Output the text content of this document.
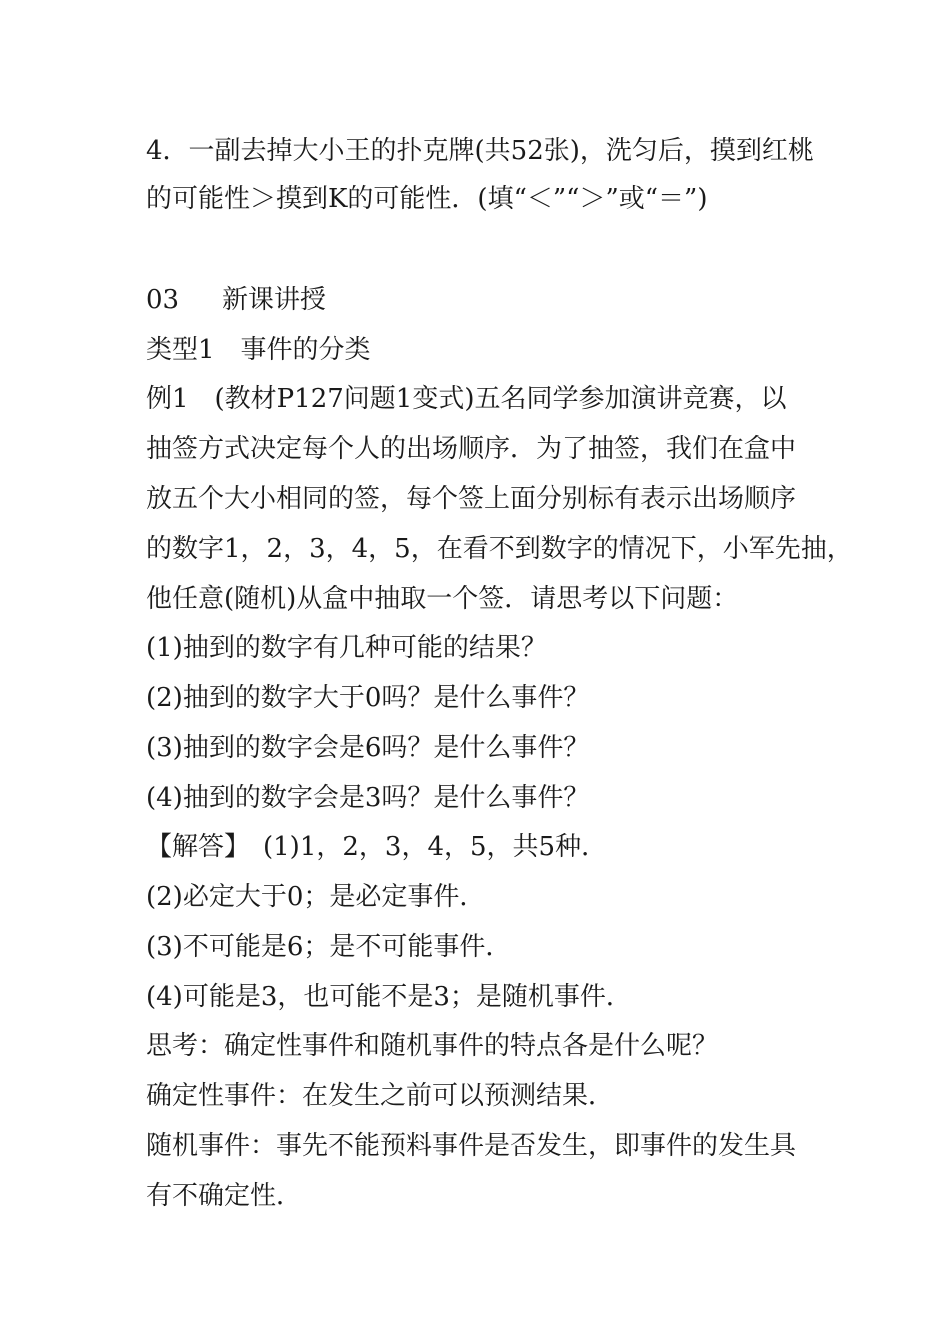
4．一副去掉大小王的扑克牌(共52张)，洗匀后，摸到红桃
的可能性＞摸到K的可能性．(填“＜”“＞”或“＝”)
03 新课讲授
类型1　事件的分类
例1　(教材P127问题1变式)五名同学参加演讲竞赛，以
抽签方式决定每个人的出场顺序．为了抽签，我们在盒中
放五个大小相同的签，每个签上面分别标有表示出场顺序
的数字1，2，3，4，5，在看不到数字的情况下，小军先抽，
他任意(随机)从盒中抽取一个签．请思考以下问题：
(1)抽到的数字有几种可能的结果？
(2)抽到的数字大于0吗？是什么事件？
(3)抽到的数字会是6吗？是什么事件？
(4)抽到的数字会是3吗？是什么事件？
【解答】　(1)1，2，3，4，5，共5种．
(2)必定大于0；是必定事件．
(3)不可能是6；是不可能事件．
(4)可能是3，也可能不是3；是随机事件．
思考：确定性事件和随机事件的特点各是什么呢？
确定性事件：在发生之前可以预测结果．
随机事件：事先不能预料事件是否发生，即事件的发生具
有不确定性．
